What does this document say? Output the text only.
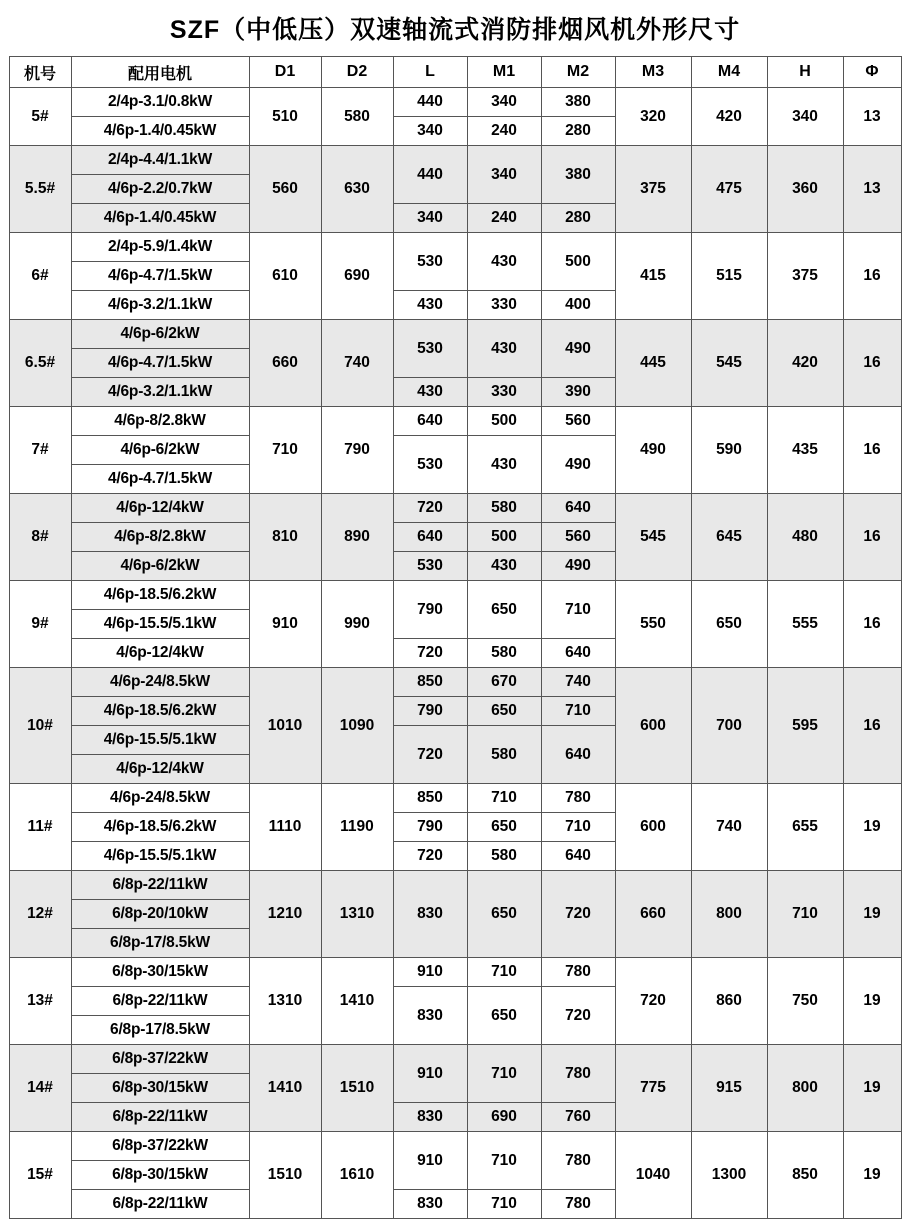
SZF（中低压）双速轴流式消防排烟风机外形尺寸
机号	配用电机	D1	D2	L	M1	M2	M3	M4	H	Φ
5#	2/4p-3.1/0.8kW	510	580	440	340	380	320	420	340	13
	4/6p-1.4/0.45kW			340	240	280				
5.5#	2/4p-4.4/1.1kW	560	630	440	340	380	375	475	360	13
	4/6p-2.2/0.7kW									
	4/6p-1.4/0.45kW			340	240	280				
6#	2/4p-5.9/1.4kW	610	690	530	430	500	415	515	375	16
	4/6p-4.7/1.5kW									
	4/6p-3.2/1.1kW			430	330	400				
6.5#	4/6p-6/2kW	660	740	530	430	490	445	545	420	16
	4/6p-4.7/1.5kW									
	4/6p-3.2/1.1kW			430	330	390				
7#	4/6p-8/2.8kW	710	790	640	500	560	490	590	435	16
	4/6p-6/2kW			530	430	490				
	4/6p-4.7/1.5kW									
8#	4/6p-12/4kW	810	890	720	580	640	545	645	480	16
	4/6p-8/2.8kW			640	500	560				
	4/6p-6/2kW			530	430	490				
9#	4/6p-18.5/6.2kW	910	990	790	650	710	550	650	555	16
	4/6p-15.5/5.1kW									
	4/6p-12/4kW			720	580	640				
10#	4/6p-24/8.5kW	1010	1090	850	670	740	600	700	595	16
	4/6p-18.5/6.2kW			790	650	710				
	4/6p-15.5/5.1kW			720	580	640				
	4/6p-12/4kW									
11#	4/6p-24/8.5kW	1110	1190	850	710	780	600	740	655	19
	4/6p-18.5/6.2kW			790	650	710				
	4/6p-15.5/5.1kW			720	580	640				
12#	6/8p-22/11kW	1210	1310	830	650	720	660	800	710	19
	6/8p-20/10kW									
	6/8p-17/8.5kW									
13#	6/8p-30/15kW	1310	1410	910	710	780	720	860	750	19
	6/8p-22/11kW			830	650	720				
	6/8p-17/8.5kW									
14#	6/8p-37/22kW	1410	1510	910	710	780	775	915	800	19
	6/8p-30/15kW									
	6/8p-22/11kW			830	690	760				
15#	6/8p-37/22kW	1510	1610	910	710	780	1040	1300	850	19
	6/8p-30/15kW									
	6/8p-22/11kW			830	710	780				
